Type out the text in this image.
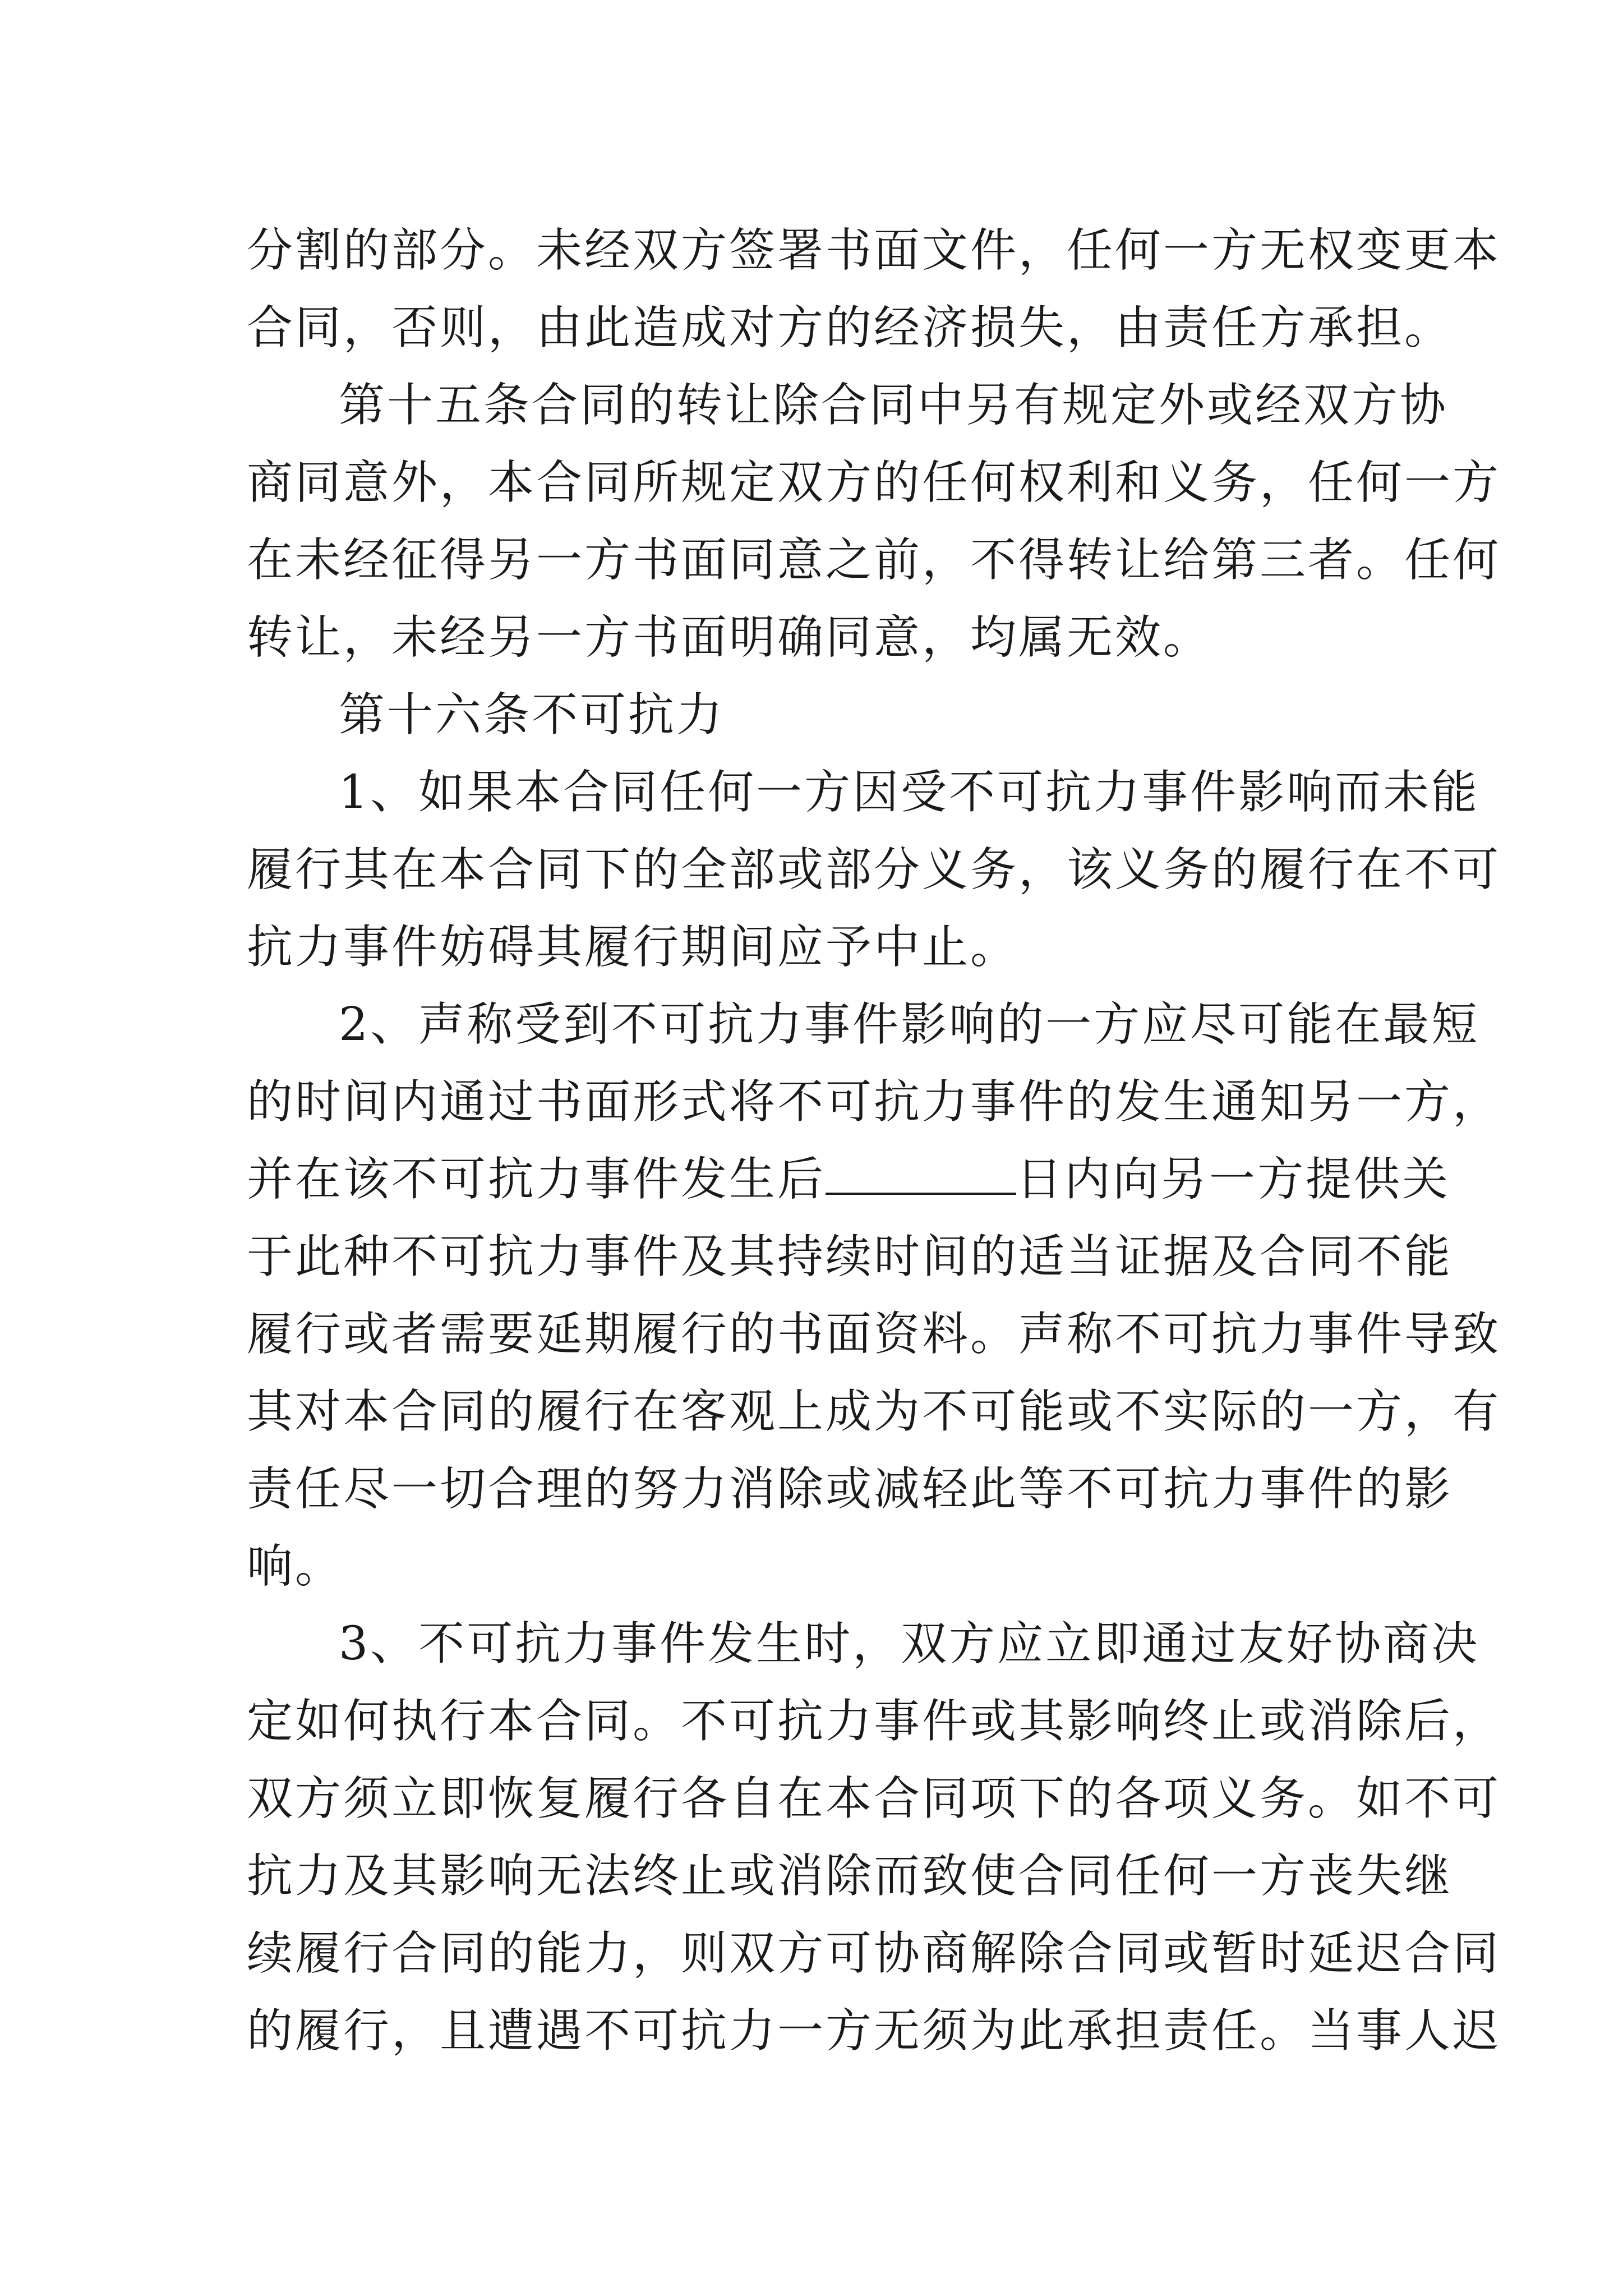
分割的部分。未经双方签署书面文件，任何一方无权变更本
合同，否则，由此造成对方的经济损失，由责任方承担。
第十五条合同的转让除合同中另有规定外或经双方协
商同意外，本合同所规定双方的任何权利和义务，任何一方
在未经征得另一方书面同意之前，不得转让给第三者。任何
转让，未经另一方书面明确同意，均属无效。
第十六条不可抗力
1、如果本合同任何一方因受不可抗力事件影响而未能
履行其在本合同下的全部或部分义务，该义务的履行在不可
抗力事件妨碍其履行期间应予中止。
2、声称受到不可抗力事件影响的一方应尽可能在最短
的时间内通过书面形式将不可抗力事件的发生通知另一方，
并在该不可抗力事件发生后	日内向另一方提供关
于此种不可抗力事件及其持续时间的适当证据及合同不能
履行或者需要延期履行的书面资料。声称不可抗力事件导致
其对本合同的履行在客观上成为不可能或不实际的一方，有
责任尽一切合理的努力消除或减轻此等不可抗力事件的影
响。
3、不可抗力事件发生时，双方应立即通过友好协商决
定如何执行本合同。不可抗力事件或其影响终止或消除后，
双方须立即恢复履行各自在本合同项下的各项义务。如不可
抗力及其影响无法终止或消除而致使合同任何一方丧失继
续履行合同的能力，则双方可协商解除合同或暂时延迟合同
的履行，且遭遇不可抗力一方无须为此承担责任。当事人迟
